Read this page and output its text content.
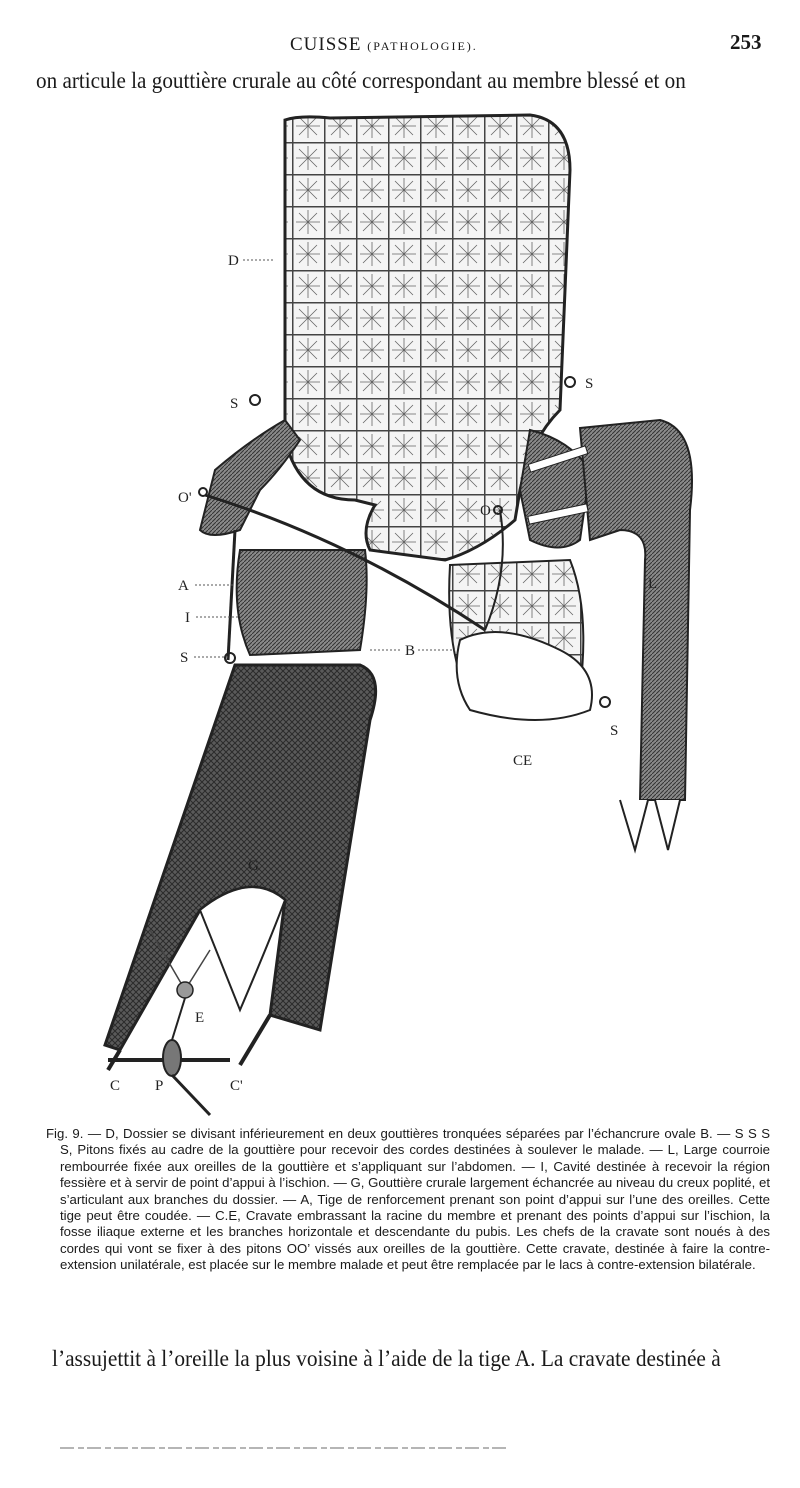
CUISSE (PATHOLOGIE).	253
on articule la gouttière crurale au côté correspondant au membre blessé et on
D
S
S
O'
O
A
I
S	B
L
S
CE
G
E
C P	C'

Fig. 9. — D, Dossier se divisant inférieurement en deux gouttières tronquées séparées par l’échancrure ovale B. — S S S S, Pitons fixés au cadre de la gouttière pour recevoir des cordes destinées à soulever le malade. — L, Large courroie rembourrée fixée aux oreilles de la gouttière et s’appliquant sur l’abdomen. — I, Cavité destinée à recevoir la région fessière et à servir de point d’appui à l’ischion. — G, Gouttière crurale largement échancrée au niveau du creux poplité, et s’articulant aux branches du dossier. — A, Tige de renforcement prenant son point d’appui sur l’une des oreilles. Cette tige peut être coudée. — C.E, Cravate embrassant la racine du membre et prenant des points d’appui sur l’ischion, la fosse iliaque externe et les branches horizontale et descendante du pubis. Les chefs de la cravate sont noués à des cordes qui vont se fixer à des pitons OO’ vissés aux oreilles de la gouttière. Cette cravate, destinée à faire la contre-extension unilatérale, est placée sur le membre malade et peut être remplacée par le lacs à contre-extension bilatérale.

l’assujettit à l’oreille la plus voisine à l’aide de la tige A. La cravate destinée à
